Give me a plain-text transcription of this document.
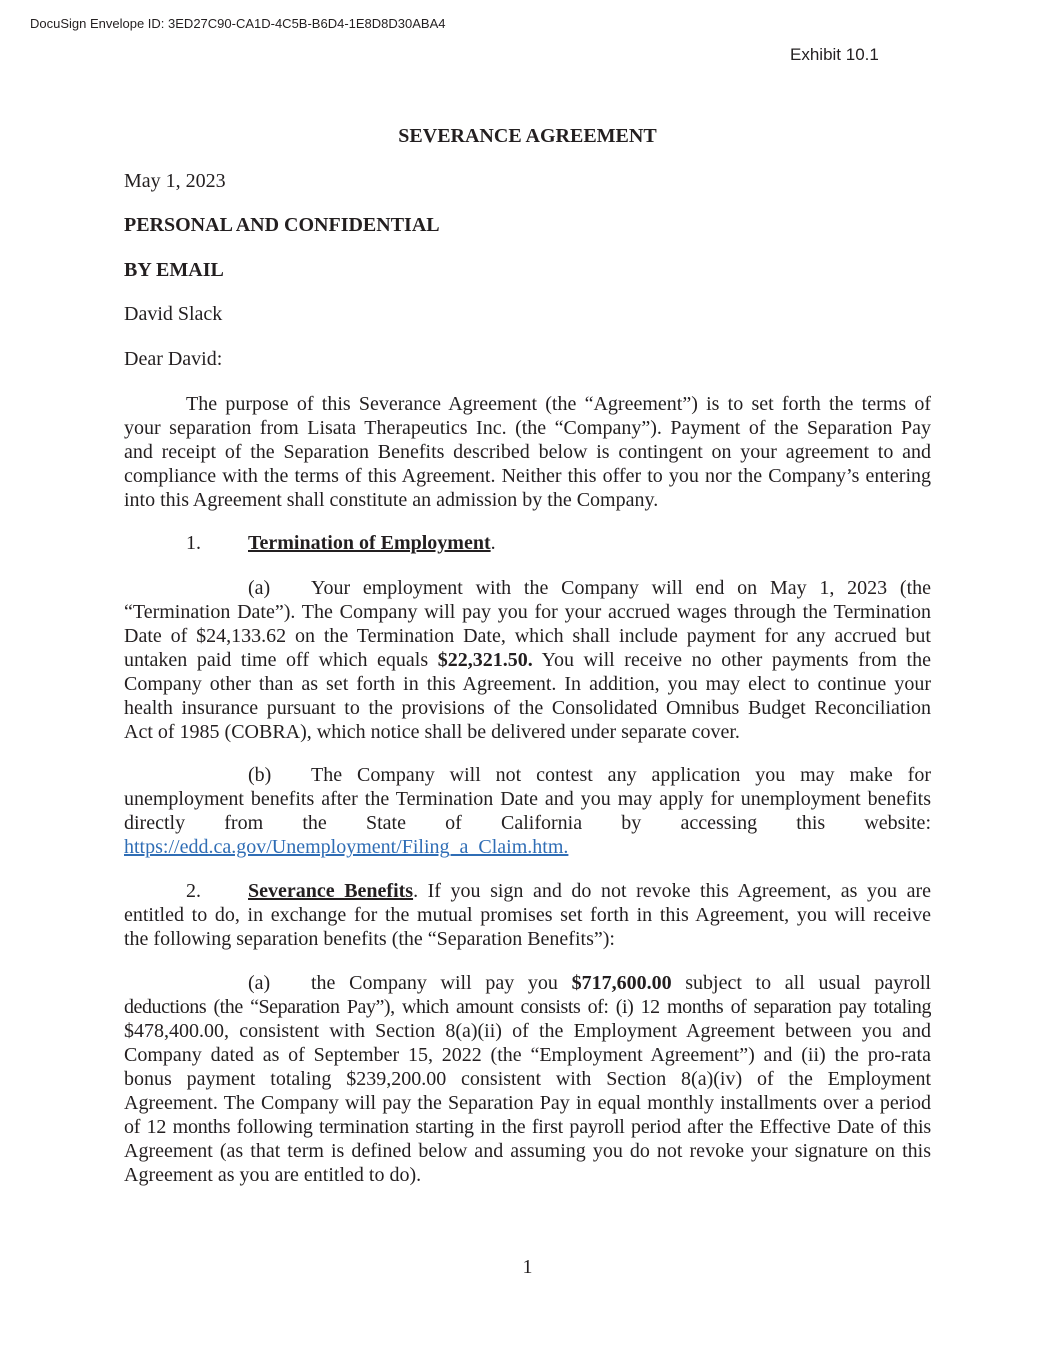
DocuSign Envelope ID: 3ED27C90-CA1D-4C5B-B6D4-1E8D8D30ABA4
Exhibit 10.1
SEVERANCE AGREEMENT
May 1, 2023
PERSONAL AND CONFIDENTIAL
BY EMAIL
David Slack
Dear David:
The purpose of this Severance Agreement (the “Agreement”) is to set forth the terms of
your separation from Lisata Therapeutics Inc. (the “Company”). Payment of the Separation Pay
and receipt of the Separation Benefits described below is contingent on your agreement to and
compliance with the terms of this Agreement. Neither this offer to you nor the Company’s entering
into this Agreement shall constitute an admission by the Company.
1. Termination of Employment.
(a)	Your employment with the Company will end on May 1, 2023 (the
“Termination Date”). The Company will pay you for your accrued wages through the Termination
Date of $24,133.62 on the Termination Date, which shall include payment for any accrued but
untaken paid time off which equals $22,321.50. You will receive no other payments from the
Company other than as set forth in this Agreement. In addition, you may elect to continue your
health insurance pursuant to the provisions of the Consolidated Omnibus Budget Reconciliation
Act of 1985 (COBRA), which notice shall be delivered under separate cover.
(b)	The Company will not contest any application you may make for
unemployment benefits after the Termination Date and you may apply for unemployment benefits
directly from the State of California by accessing this website:
https://edd.ca.gov/Unemployment/Filing_a_Claim.htm.
2.	Severance Benefits. If you sign and do not revoke this Agreement, as you are
entitled to do, in exchange for the mutual promises set forth in this Agreement, you will receive
the following separation benefits (the “Separation Benefits”):
(a)	the Company will pay you $717,600.00 subject to all usual payroll
deductions (the “Separation Pay”), which amount consists of: (i) 12 months of separation pay totaling
$478,400.00, consistent with Section 8(a)(ii) of the Employment Agreement between you and
Company dated as of September 15, 2022 (the “Employment Agreement”) and (ii) the pro-rata
bonus payment totaling $239,200.00 consistent with Section 8(a)(iv) of the Employment
Agreement. The Company will pay the Separation Pay in equal monthly installments over a period
of 12 months following termination starting in the first payroll period after the Effective Date of this
Agreement (as that term is defined below and assuming you do not revoke your signature on this
Agreement as you are entitled to do).
1
